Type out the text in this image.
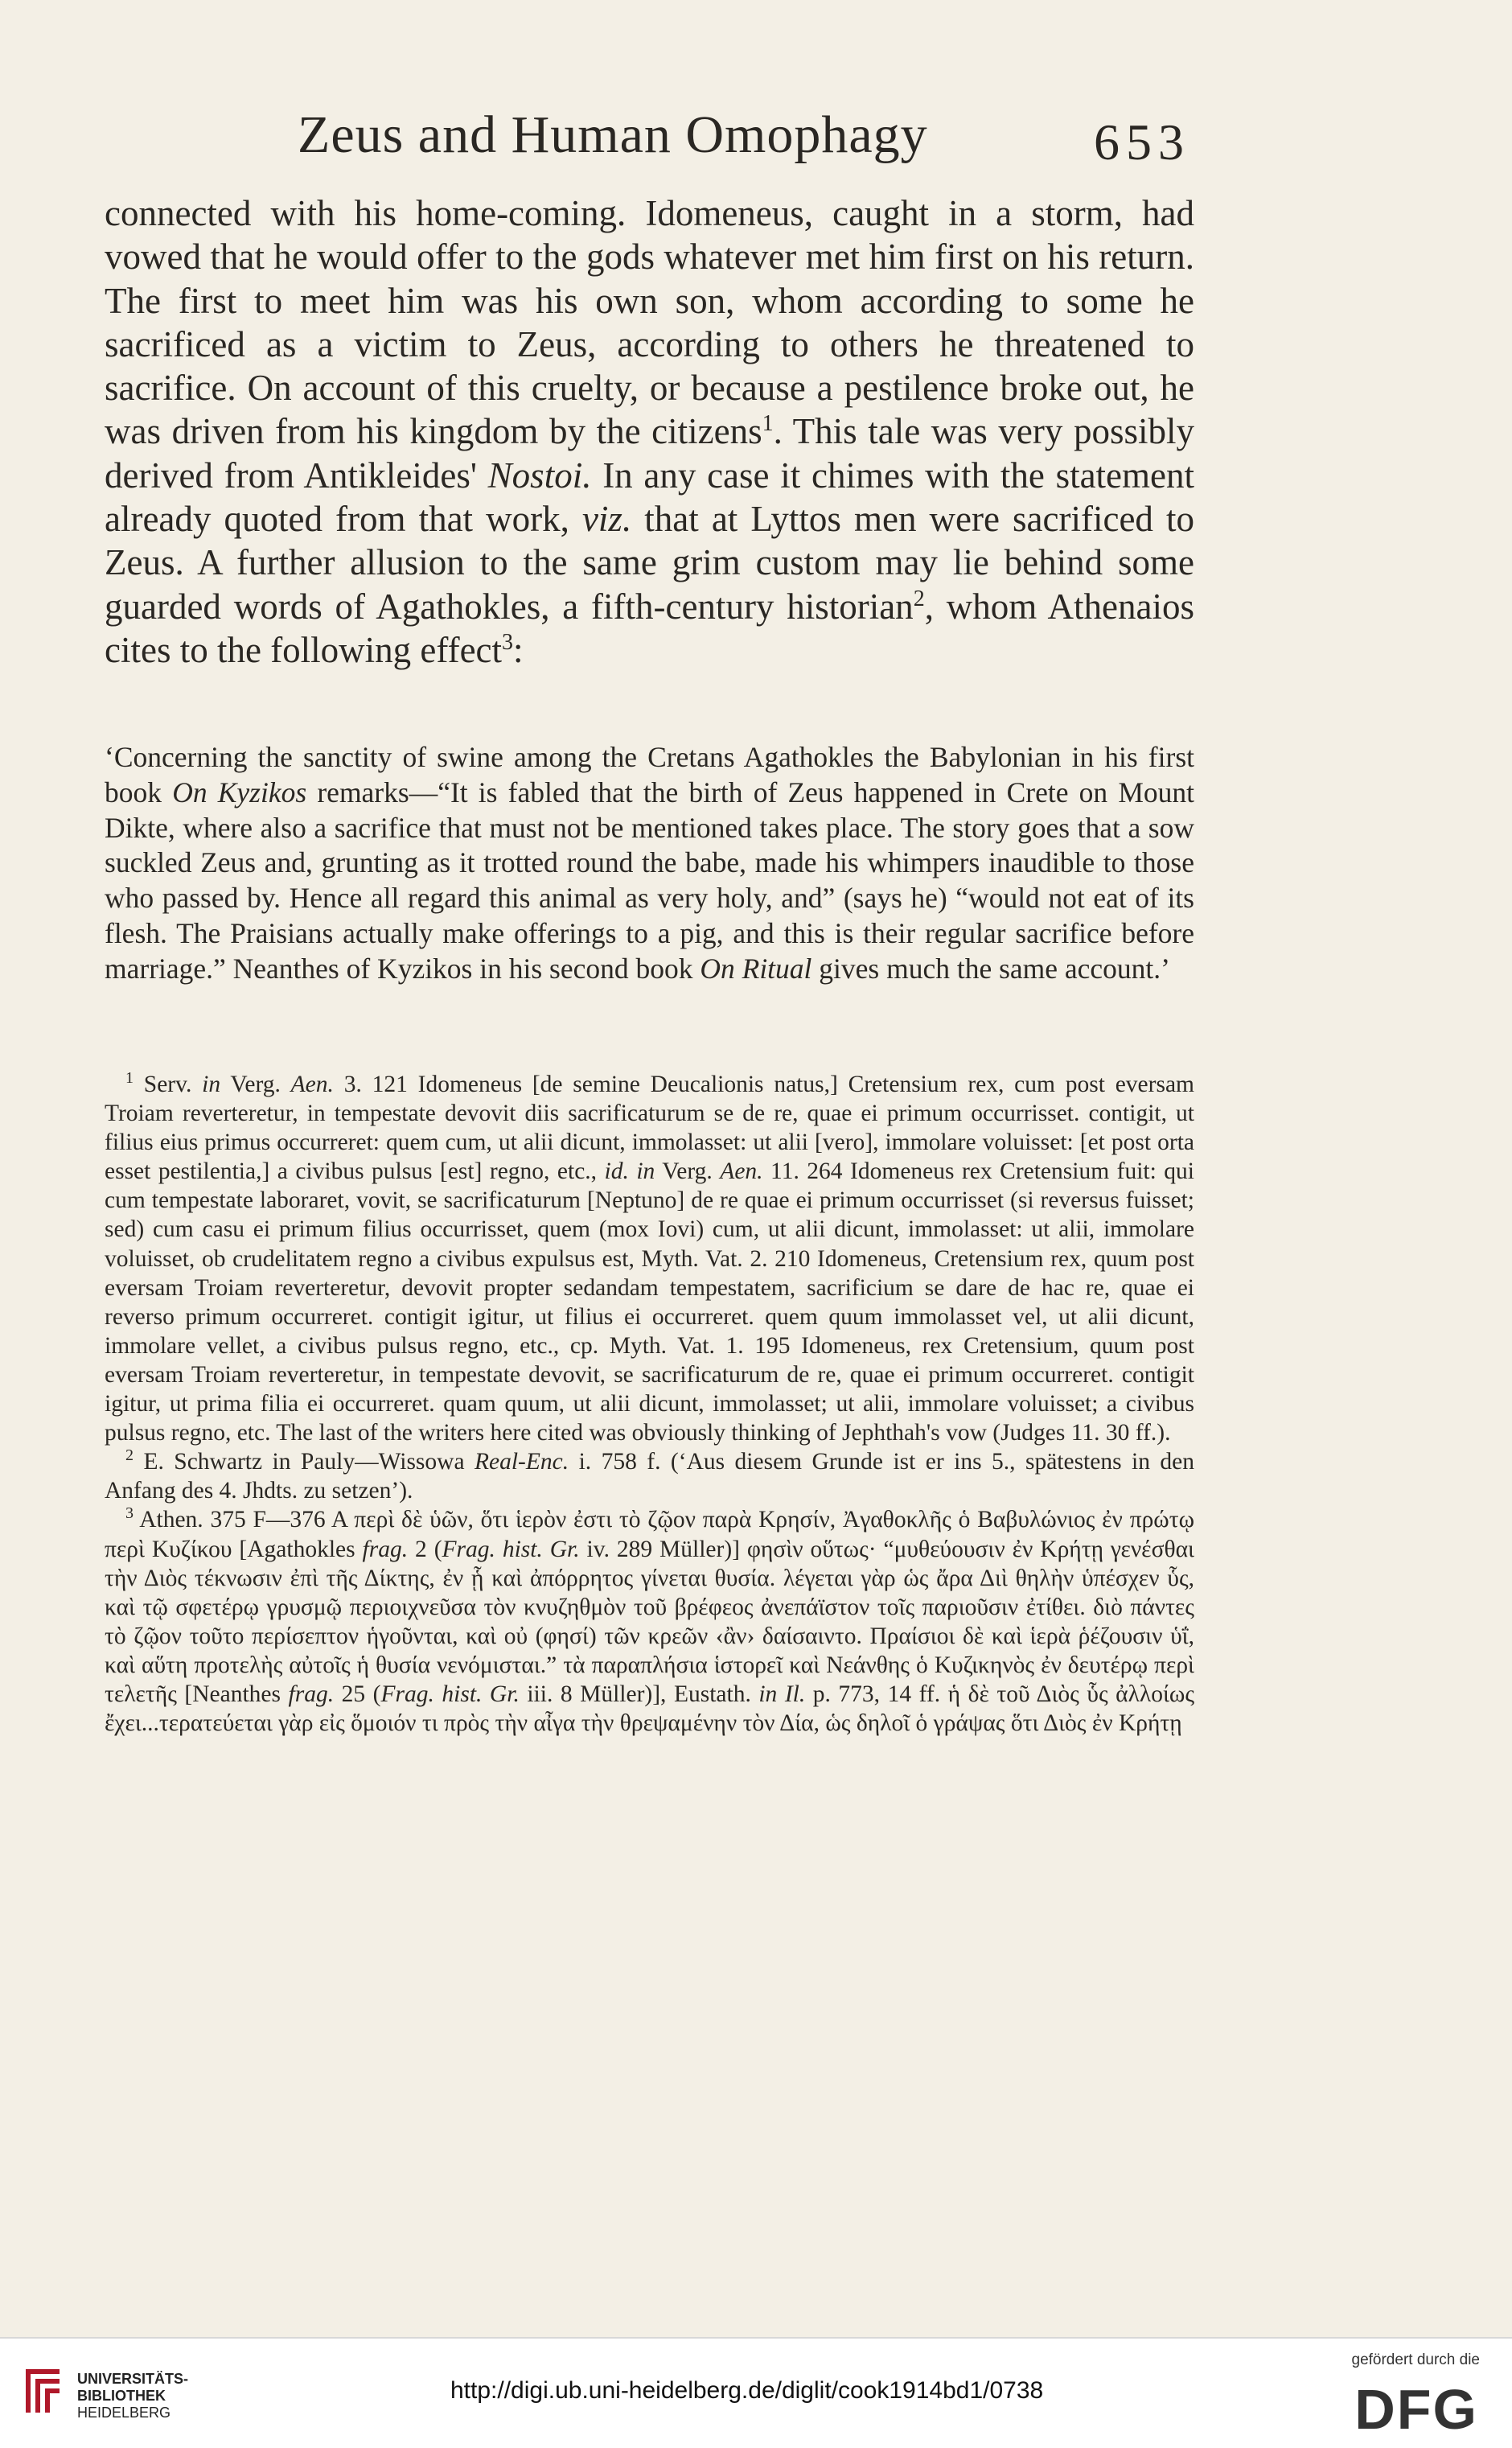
Zeus and Human Omophagy	653

connected with his home-coming. Idomeneus, caught in a storm, had vowed that he would offer to the gods whatever met him first on his return. The first to meet him was his own son, whom according to some he sacrificed as a victim to Zeus, according to others he threatened to sacrifice. On account of this cruelty, or because a pestilence broke out, he was driven from his kingdom by the citizens$^1$. This tale was very possibly derived from Antikleides' Nostoi. In any case it chimes with the statement already quoted from that work, viz. that at Lyttos men were sacrificed to Zeus. A further allusion to the same grim custom may lie behind some guarded words of Agathokles, a fifth-century historian$^2$, whom Athenaios cites to the following effect$^3$:

‘Concerning the sanctity of swine among the Cretans Agathokles the Babylonian in his first book On Kyzikos remarks—“It is fabled that the birth of Zeus happened in Crete on Mount Dikte, where also a sacrifice that must not be mentioned takes place. The story goes that a sow suckled Zeus and, grunting as it trotted round the babe, made his whimpers inaudible to those who passed by. Hence all regard this animal as very holy, and” (says he) “would not eat of its flesh. The Praisians actually make offerings to a pig, and this is their regular sacrifice before marriage.” Neanthes of Kyzikos in his second book On Ritual gives much the same account.’

$^1$ Serv. in Verg. Aen. 3. 121 Idomeneus [de semine Deucalionis natus,] Cretensium rex, cum post eversam Troiam reverteretur, in tempestate devovit diis sacrificaturum se de re, quae ei primum occurrisset. contigit, ut filius eius primus occurreret: quem cum, ut alii dicunt, immolasset: ut alii [vero], immolare voluisset: [et post orta esset pestilentia,] a civibus pulsus [est] regno, etc., id. in Verg. Aen. 11. 264 Idomeneus rex Cretensium fuit: qui cum tempestate laboraret, vovit, se sacrificaturum [Neptuno] de re quae ei primum occurrisset (si reversus fuisset; sed) cum casu ei primum filius occurrisset, quem (mox Iovi) cum, ut alii dicunt, immolasset: ut alii, immolare voluisset, ob crudelitatem regno a civibus expulsus est, Myth. Vat. 2. 210 Idomeneus, Cretensium rex, quum post eversam Troiam reverteretur, devovit propter sedandam tempestatem, sacrificium se dare de hac re, quae ei reverso primum occurreret. contigit igitur, ut filius ei occurreret. quem quum immolasset vel, ut alii dicunt, immolare vellet, a civibus pulsus regno, etc., cp. Myth. Vat. 1. 195 Idomeneus, rex Cretensium, quum post eversam Troiam reverteretur, in tempestate devovit, se sacrificaturum de re, quae ei primum occurreret. contigit igitur, ut prima filia ei occurreret. quam quum, ut alii dicunt, immolasset; ut alii, immolare voluisset; a civibus pulsus regno, etc. The last of the writers here cited was obviously thinking of Jephthah's vow (Judges 11. 30 ff.).

$^2$ E. Schwartz in Pauly—Wissowa Real-Enc. i. 758 f. (‘Aus diesem Grunde ist er ins 5., spätestens in den Anfang des 4. Jhdts. zu setzen’).

$^3$ Athen. 375 F—376 A περὶ δὲ ὑῶν, ὅτι ἱερὸν ἐστι τὸ ζῷον παρὰ Κρησίν, Ἀγαθοκλῆς ὁ Βαβυλώνιος ἐν πρώτῳ περὶ Κυζίκου [Agathokles frag. 2 (Frag. hist. Gr. iv. 289 Müller)] φησὶν οὕτως· “μυθεύουσιν ἐν Κρήτῃ γενέσθαι τὴν Διὸς τέκνωσιν ἐπὶ τῆς Δίκτης, ἐν ᾗ καὶ ἀπόρρητος γίνεται θυσία. λέγεται γὰρ ὡς ἄρα Διὶ θηλὴν ὑπέσχεν ὗς, καὶ τῷ σφετέρῳ γρυσμῷ περιοιχνεῦσα τὸν κνυζηθμὸν τοῦ βρέφεος ἀνεπάϊστον τοῖς παριοῦσιν ἐτίθει. διὸ πάντες τὸ ζῷον τοῦτο περίσεπτον ἡγοῦνται, καὶ οὐ (φησί) τῶν κρεῶν ‹ἂν› δαίσαιντο. Πραίσιοι δὲ καὶ ἱερὰ ῥέζουσιν ὑΐ, καὶ αὕτη προτελὴς αὐτοῖς ἡ θυσία νενόμισται.” τὰ παραπλήσια ἱστορεῖ καὶ Νεάνθης ὁ Κυζικηνὸς ἐν δευτέρῳ περὶ τελετῆς [Neanthes frag. 25 (Frag. hist. Gr. iii. 8 Müller)], Eustath. in Il. p. 773, 14 ff. ἡ δὲ τοῦ Διὸς ὗς ἀλλοίως ἔχει...τερατεύεται γὰρ εἰς ὅμοιόν τι πρὸς τὴν αἶγα τὴν θρεψαμένην τὸν Δία, ὡς δηλοῖ ὁ γράψας ὅτι Διὸς ἐν Κρήτῃ

UNIVERSITÄTS-
BIBLIOTHEK
HEIDELBERG
http://digi.ub.uni-heidelberg.de/diglit/cook1914bd1/0738
gefördert durch die
DFG
